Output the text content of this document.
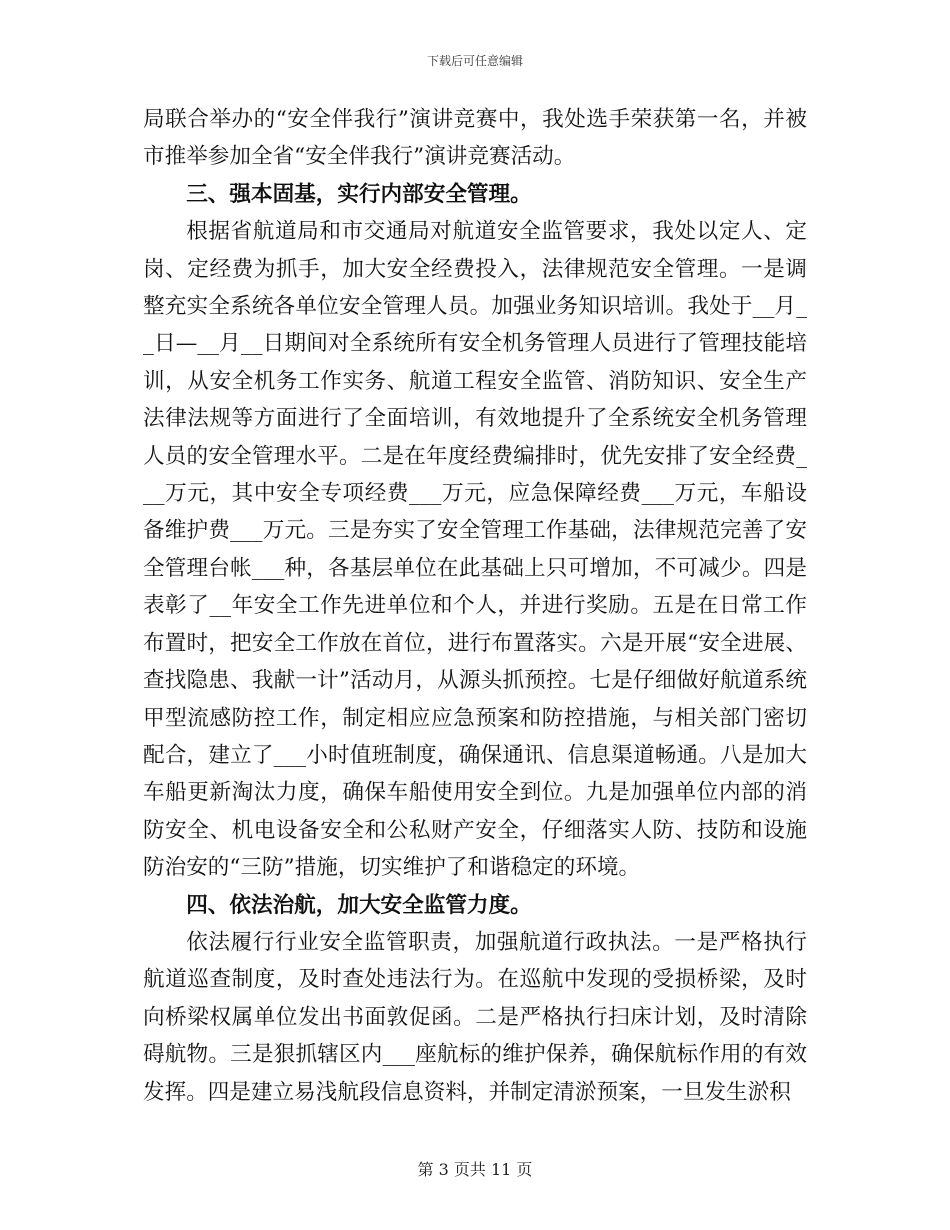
下载后可任意编辑

局联合举办的“安全伴我行”演讲竞赛中，我处选手荣获第一名，并被市推举参加全省“安全伴我行”演讲竞赛活动。

三、强本固基，实行内部安全管理。

根据省航道局和市交通局对航道安全监管要求，我处以定人、定岗、定经费为抓手，加大安全经费投入，法律规范安全管理。一是调整充实全系统各单位安全管理人员。加强业务知识培训。我处于__月__日—__月__日期间对全系统所有安全机务管理人员进行了管理技能培训，从安全机务工作实务、航道工程安全监管、消防知识、安全生产法律法规等方面进行了全面培训，有效地提升了全系统安全机务管理人员的安全管理水平。二是在年度经费编排时，优先安排了安全经费___万元，其中安全专项经费___万元，应急保障经费___万元，车船设备维护费___万元。三是夯实了安全管理工作基础，法律规范完善了安全管理台帐___种，各基层单位在此基础上只可增加，不可减少。四是表彰了__年安全工作先进单位和个人，并进行奖励。五是在日常工作布置时，把安全工作放在首位，进行布置落实。六是开展“安全进展、查找隐患、我献一计”活动月，从源头抓预控。七是仔细做好航道系统甲型流感防控工作，制定相应应急预案和防控措施，与相关部门密切配合，建立了___小时值班制度，确保通讯、信息渠道畅通。八是加大车船更新淘汰力度，确保车船使用安全到位。九是加强单位内部的消防安全、机电设备安全和公私财产安全，仔细落实人防、技防和设施防治安的“三防”措施，切实维护了和谐稳定的环境。

四、依法治航，加大安全监管力度。

依法履行行业安全监管职责，加强航道行政执法。一是严格执行航道巡查制度，及时查处违法行为。在巡航中发现的受损桥梁，及时向桥梁权属单位发出书面敦促函。二是严格执行扫床计划，及时清除碍航物。三是狠抓辖区内___座航标的维护保养，确保航标作用的有效发挥。四是建立易浅航段信息资料，并制定清淤预案，一旦发生淤积

第 3 页共 11 页
